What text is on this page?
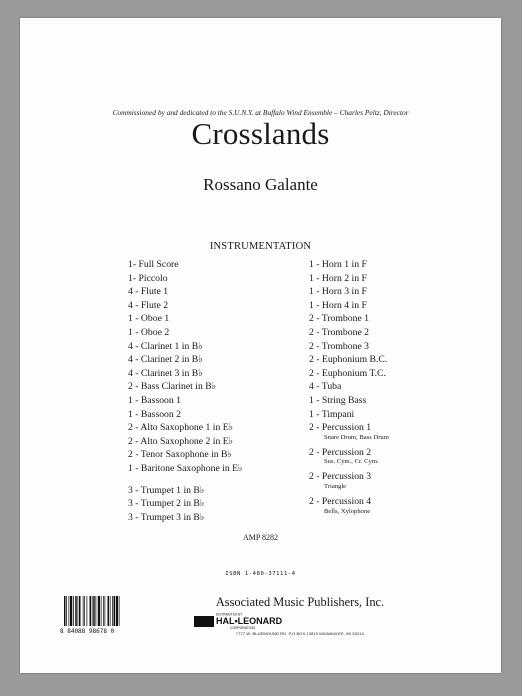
Commissioned by and dedicated to the S.U.N.Y. at Buffalo Wind Ensemble – Charles Peltz, Director
Crosslands
Rossano Galante
INSTRUMENTATION
1- Full Score
1- Piccolo
4 - Flute 1
4 - Flute 2
1 - Oboe 1
1 - Oboe 2
4 - Clarinet 1 in B♭
4 - Clarinet 2 in B♭
4 - Clarinet 3 in B♭
2 - Bass Clarinet in B♭
1 - Bassoon 1
1 - Bassoon 2
2 - Alto Saxophone 1 in E♭
2 - Alto Saxophone 2 in E♭
2 - Tenor Saxophone in B♭
1 - Baritone Saxophone in E♭
3 - Trumpet 1 in B♭
3 - Trumpet 2 in B♭
3 - Trumpet 3 in B♭
1 - Horn 1 in F
1 - Horn 2 in F
1 - Horn 3 in F
1 - Horn 4 in F
2 - Trombone 1
2 - Trombone 2
2 - Trombone 3
2 - Euphonium B.C.
2 - Euphonium T.C.
4 - Tuba
1 - String Bass
1 - Timpani
2 - Percussion 1
Snare Drum, Bass Drum
2 - Percussion 2
Sus. Cym., Cr. Cym.
2 - Percussion 3
Triangle
2 - Percussion 4
Bells, Xylophone
AMP 8282
ISBN 1-480-37111-4
8 84088 98678 0
Associated Music Publishers, Inc.
DISTRIBUTED BY
HAL•LEONARD
CORPORATION
7777 W. BLUEMOUND RD. P.O.BOX 13819 MILWAUKEE, WI 53213
